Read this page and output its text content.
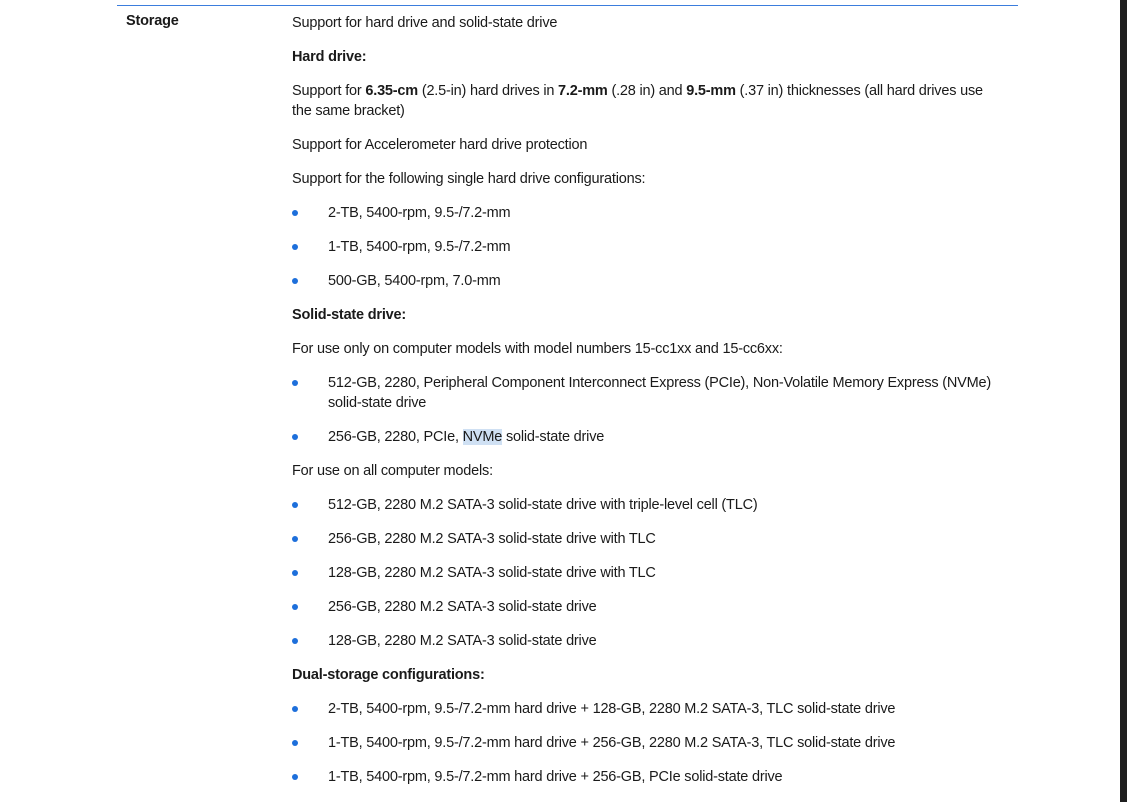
Storage	Support for hard drive and solid-state drive

Hard drive:

Support for 6.35-cm (2.5-in) hard drives in 7.2-mm (.28 in) and 9.5-mm (.37 in) thicknesses (all hard drives use the same bracket)

Support for Accelerometer hard drive protection

Support for the following single hard drive configurations:

2-TB, 5400-rpm, 9.5-/7.2-mm
1-TB, 5400-rpm, 9.5-/7.2-mm
500-GB, 5400-rpm, 7.0-mm

Solid-state drive:

For use only on computer models with model numbers 15-cc1xx and 15-cc6xx:

512-GB, 2280, Peripheral Component Interconnect Express (PCIe), Non-Volatile Memory Express (NVMe) solid-state drive
256-GB, 2280, PCIe, NVMe solid-state drive

For use on all computer models:

512-GB, 2280 M.2 SATA-3 solid-state drive with triple-level cell (TLC)
256-GB, 2280 M.2 SATA-3 solid-state drive with TLC
128-GB, 2280 M.2 SATA-3 solid-state drive with TLC
256-GB, 2280 M.2 SATA-3 solid-state drive
128-GB, 2280 M.2 SATA-3 solid-state drive

Dual-storage configurations:

2-TB, 5400-rpm, 9.5-/7.2-mm hard drive + 128-GB, 2280 M.2 SATA-3, TLC solid-state drive
1-TB, 5400-rpm, 9.5-/7.2-mm hard drive + 256-GB, 2280 M.2 SATA-3, TLC solid-state drive
1-TB, 5400-rpm, 9.5-/7.2-mm hard drive + 256-GB, PCIe solid-state drive
